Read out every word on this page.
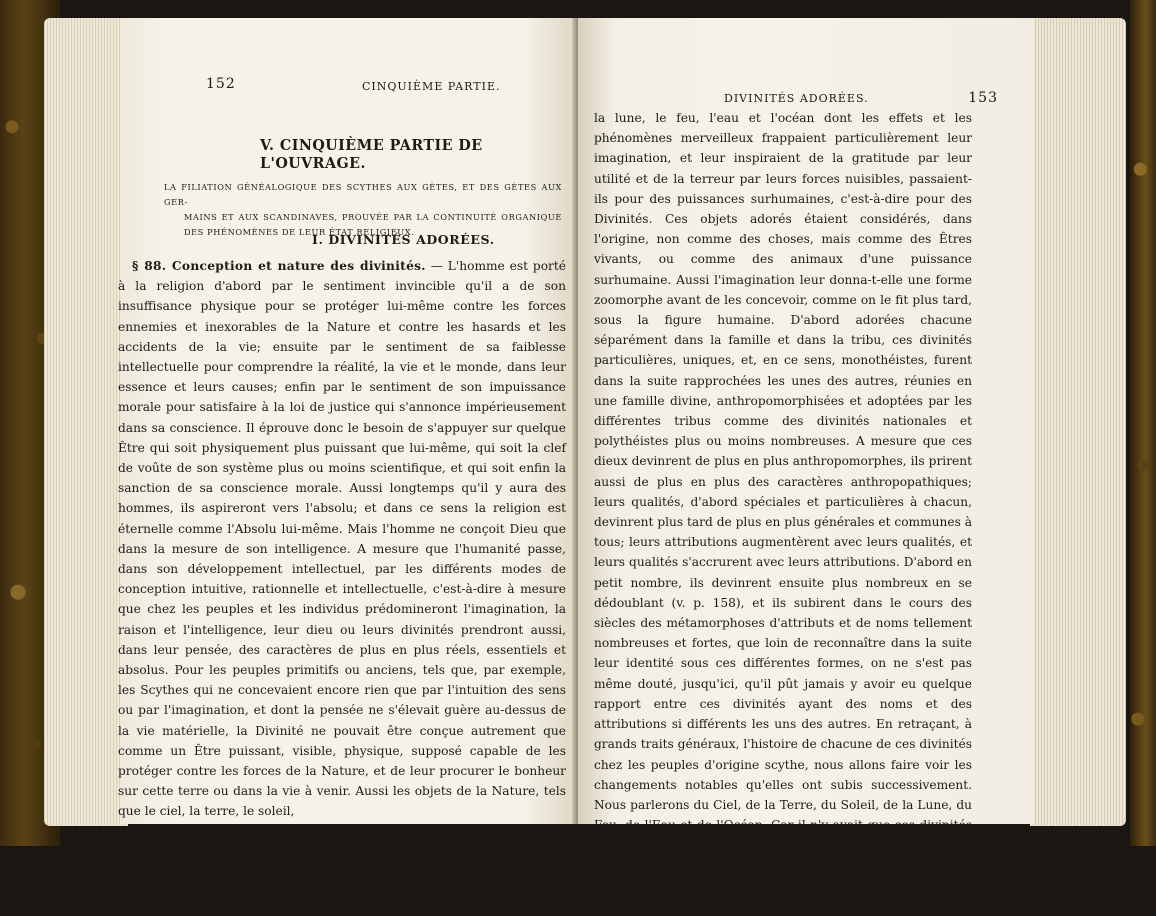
152	CINQUIÈME PARTIE.
V. CINQUIÈME PARTIE DE L'OUVRAGE.
LA FILIATION GÉNÉALOGIQUE DES SCYTHES AUX GÈTES, ET DES GÈTES AUX GER-
MAINS ET AUX SCANDINAVES, PROUVÉE PAR LA CONTINUITÉ ORGANIQUE DES PHÉNOMÈNES DE LEUR ÉTAT RELIGIEUX.
I. DIVINITÉS ADORÉES.
§ 88. Conception et nature des divinités. — L'homme est porté à la religion d'abord par le sentiment invincible qu'il a de son insuffisance physique pour se protéger lui-même contre les forces ennemies et inexorables de la Nature et contre les hasards et les accidents de la vie; ensuite par le sentiment de sa faiblesse intellectuelle pour comprendre la réalité, la vie et le monde, dans leur essence et leurs causes; enfin par le sentiment de son impuissance morale pour satisfaire à la loi de justice qui s'annonce impérieusement dans sa conscience. Il éprouve donc le besoin de s'appuyer sur quelque Être qui soit physiquement plus puissant que lui-même, qui soit la clef de voûte de son système plus ou moins scientifique, et qui soit enfin la sanction de sa conscience morale. Aussi longtemps qu'il y aura des hommes, ils aspireront vers l'absolu; et dans ce sens la religion est éternelle comme l'Absolu lui-même. Mais l'homme ne conçoit Dieu que dans la mesure de son intelligence. A mesure que l'humanité passe, dans son développement intellectuel, par les différents modes de conception intuitive, rationnelle et intellectuelle, c'est-à-dire à mesure que chez les peuples et les individus prédomineront l'imagination, la raison et l'intelligence, leur dieu ou leurs divinités prendront aussi, dans leur pensée, des caractères de plus en plus réels, essentiels et absolus. Pour les peuples primitifs ou anciens, tels que, par exemple, les Scythes qui ne concevaient encore rien que par l'intuition des sens ou par l'imagination, et dont la pensée ne s'élevait guère au-dessus de la vie matérielle, la Divinité ne pouvait être conçue autrement que comme un Être puissant, visible, physique, supposé capable de les protéger contre les forces de la Nature, et de leur procurer le bonheur sur cette terre ou dans la vie à venir. Aussi les objets de la Nature, tels que le ciel, la terre, le soleil,
DIVINITÉS ADORÉES.	153
la lune, le feu, l'eau et l'océan dont les effets et les phénomènes merveilleux frappaient particulièrement leur imagination, et leur inspiraient de la gratitude par leur utilité et de la terreur par leurs forces nuisibles, passaient-ils pour des puissances surhumaines, c'est-à-dire pour des Divinités. Ces objets adorés étaient considérés, dans l'origine, non comme des choses, mais comme des Êtres vivants, ou comme des animaux d'une puissance surhumaine. Aussi l'imagination leur donna-t-elle une forme zoomorphe avant de les concevoir, comme on le fit plus tard, sous la figure humaine. D'abord adorées chacune séparément dans la famille et dans la tribu, ces divinités particulières, uniques, et, en ce sens, monothéistes, furent dans la suite rapprochées les unes des autres, réunies en une famille divine, anthropomorphisées et adoptées par les différentes tribus comme des divinités nationales et polythéistes plus ou moins nombreuses. A mesure que ces dieux devinrent de plus en plus anthropomorphes, ils prirent aussi de plus en plus des caractères anthropopathiques; leurs qualités, d'abord spéciales et particulières à chacun, devinrent plus tard de plus en plus générales et communes à tous; leurs attributions augmentèrent avec leurs qualités, et leurs qualités s'accrurent avec leurs attributions. D'abord en petit nombre, ils devinrent ensuite plus nombreux en se dédoublant (v. p. 158), et ils subirent dans le cours des siècles des métamorphoses d'attributs et de noms tellement nombreuses et fortes, que loin de reconnaître dans la suite leur identité sous ces différentes formes, on ne s'est pas même douté, jusqu'ici, qu'il pût jamais y avoir eu quelque rapport entre ces divinités ayant des noms et des attributions si différents les uns des autres. En retraçant, à grands traits généraux, l'histoire de chacune de ces divinités chez les peuples d'origine scythe, nous allons faire voir les changements notables qu'elles ont subis successivement. Nous parlerons du Ciel, de la Terre, du Soleil, de la Lune, du Feu, de l'Eau et de l'Océan. Car il n'y avait que ces divinités là qui fussent adorées des Scythes, et qui, en se spécialisant et en se dédoublant, aient donné naissance, dans la branche sarmate, aux divinités des Slaves et, dans la branche gète, aux divinités des Gètes, des Germains et des Scandinaves.
